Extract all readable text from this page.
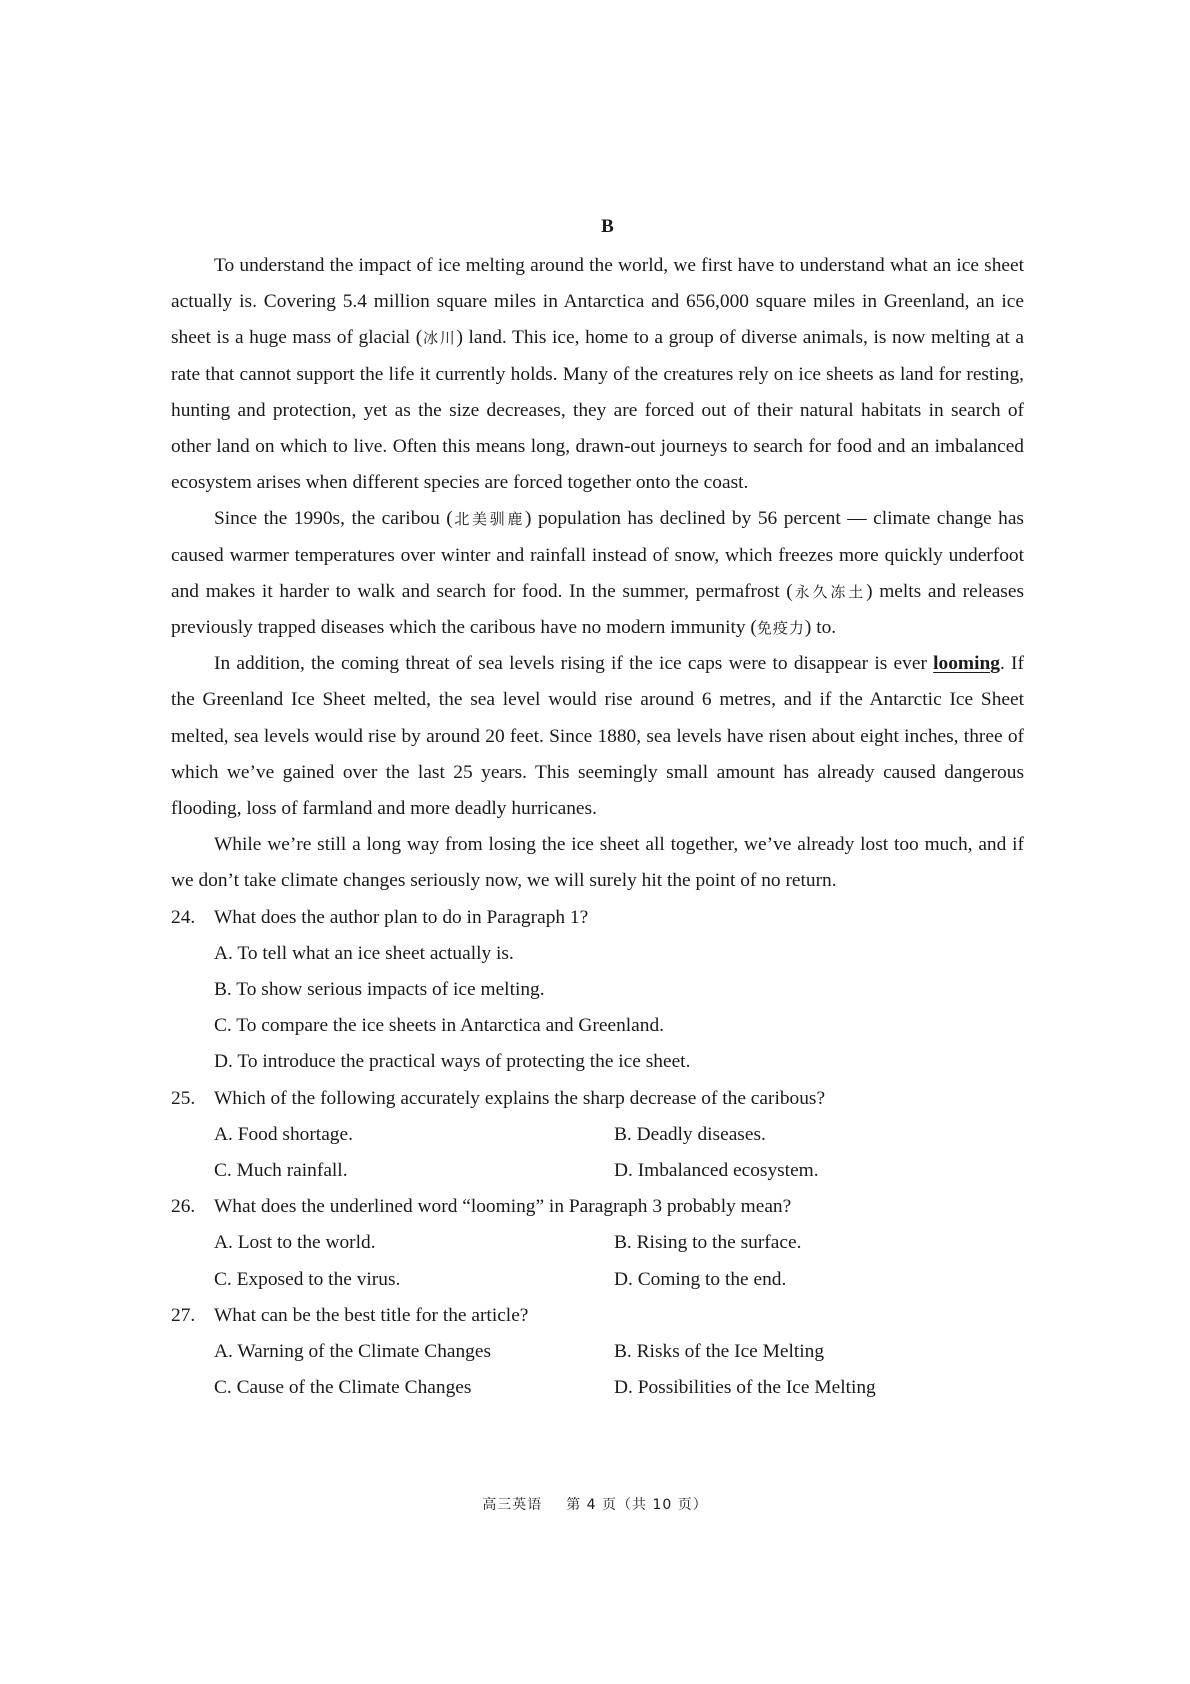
B

To understand the impact of ice melting around the world, we first have to understand what an ice sheet actually is. Covering 5.4 million square miles in Antarctica and 656,000 square miles in Greenland, an ice sheet is a huge mass of glacial (冰川) land. This ice, home to a group of diverse animals, is now melting at a rate that cannot support the life it currently holds. Many of the creatures rely on ice sheets as land for resting, hunting and protection, yet as the size decreases, they are forced out of their natural habitats in search of other land on which to live. Often this means long, drawn-out journeys to search for food and an imbalanced ecosystem arises when different species are forced together onto the coast.

Since the 1990s, the caribou (北美驯鹿) population has declined by 56 percent — climate change has caused warmer temperatures over winter and rainfall instead of snow, which freezes more quickly underfoot and makes it harder to walk and search for food. In the summer, permafrost (永久冻土) melts and releases previously trapped diseases which the caribous have no modern immunity (免疫力) to.

In addition, the coming threat of sea levels rising if the ice caps were to disappear is ever looming. If the Greenland Ice Sheet melted, the sea level would rise around 6 metres, and if the Antarctic Ice Sheet melted, sea levels would rise by around 20 feet. Since 1880, sea levels have risen about eight inches, three of which we’ve gained over the last 25 years. This seemingly small amount has already caused dangerous flooding, loss of farmland and more deadly hurricanes.

While we’re still a long way from losing the ice sheet all together, we’ve already lost too much, and if we don’t take climate changes seriously now, we will surely hit the point of no return.

24. What does the author plan to do in Paragraph 1?

A. To tell what an ice sheet actually is.

B. To show serious impacts of ice melting.

C. To compare the ice sheets in Antarctica and Greenland.

D. To introduce the practical ways of protecting the ice sheet.

25. Which of the following accurately explains the sharp decrease of the caribous?

A. Food shortage.	B. Deadly diseases.
C. Much rainfall.	D. Imbalanced ecosystem.

26. What does the underlined word “looming” in Paragraph 3 probably mean?

A. Lost to the world.	B. Rising to the surface.
C. Exposed to the virus.	D. Coming to the end.

27. What can be the best title for the article?

A. Warning of the Climate Changes	B. Risks of the Ice Melting
C. Cause of the Climate Changes	D. Possibilities of the Ice Melting
高三英语 第 4 页（共 10 页）
